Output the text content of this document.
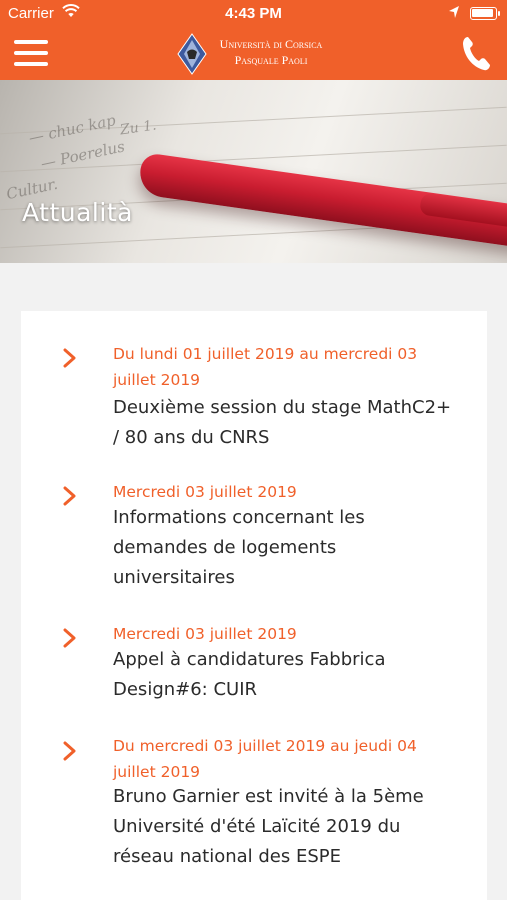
Carrier	4:43 PM
Università di Corsica
Pasquale Paoli
— chuc kap
— Poerelus
Cultur.
Zu 1.
Attualità
Du lundi 01 juillet 2019 au mercredi 03 juillet 2019
Deuxième session du stage MathC2+ / 80 ans du CNRS
Mercredi 03 juillet 2019
Informations concernant les demandes de logements universitaires
Mercredi 03 juillet 2019
Appel à candidatures Fabbrica Design#6: CUIR
Du mercredi 03 juillet 2019 au jeudi 04 juillet 2019
Bruno Garnier est invité à la 5ème Université d'été Laïcité 2019 du réseau national des ESPE
